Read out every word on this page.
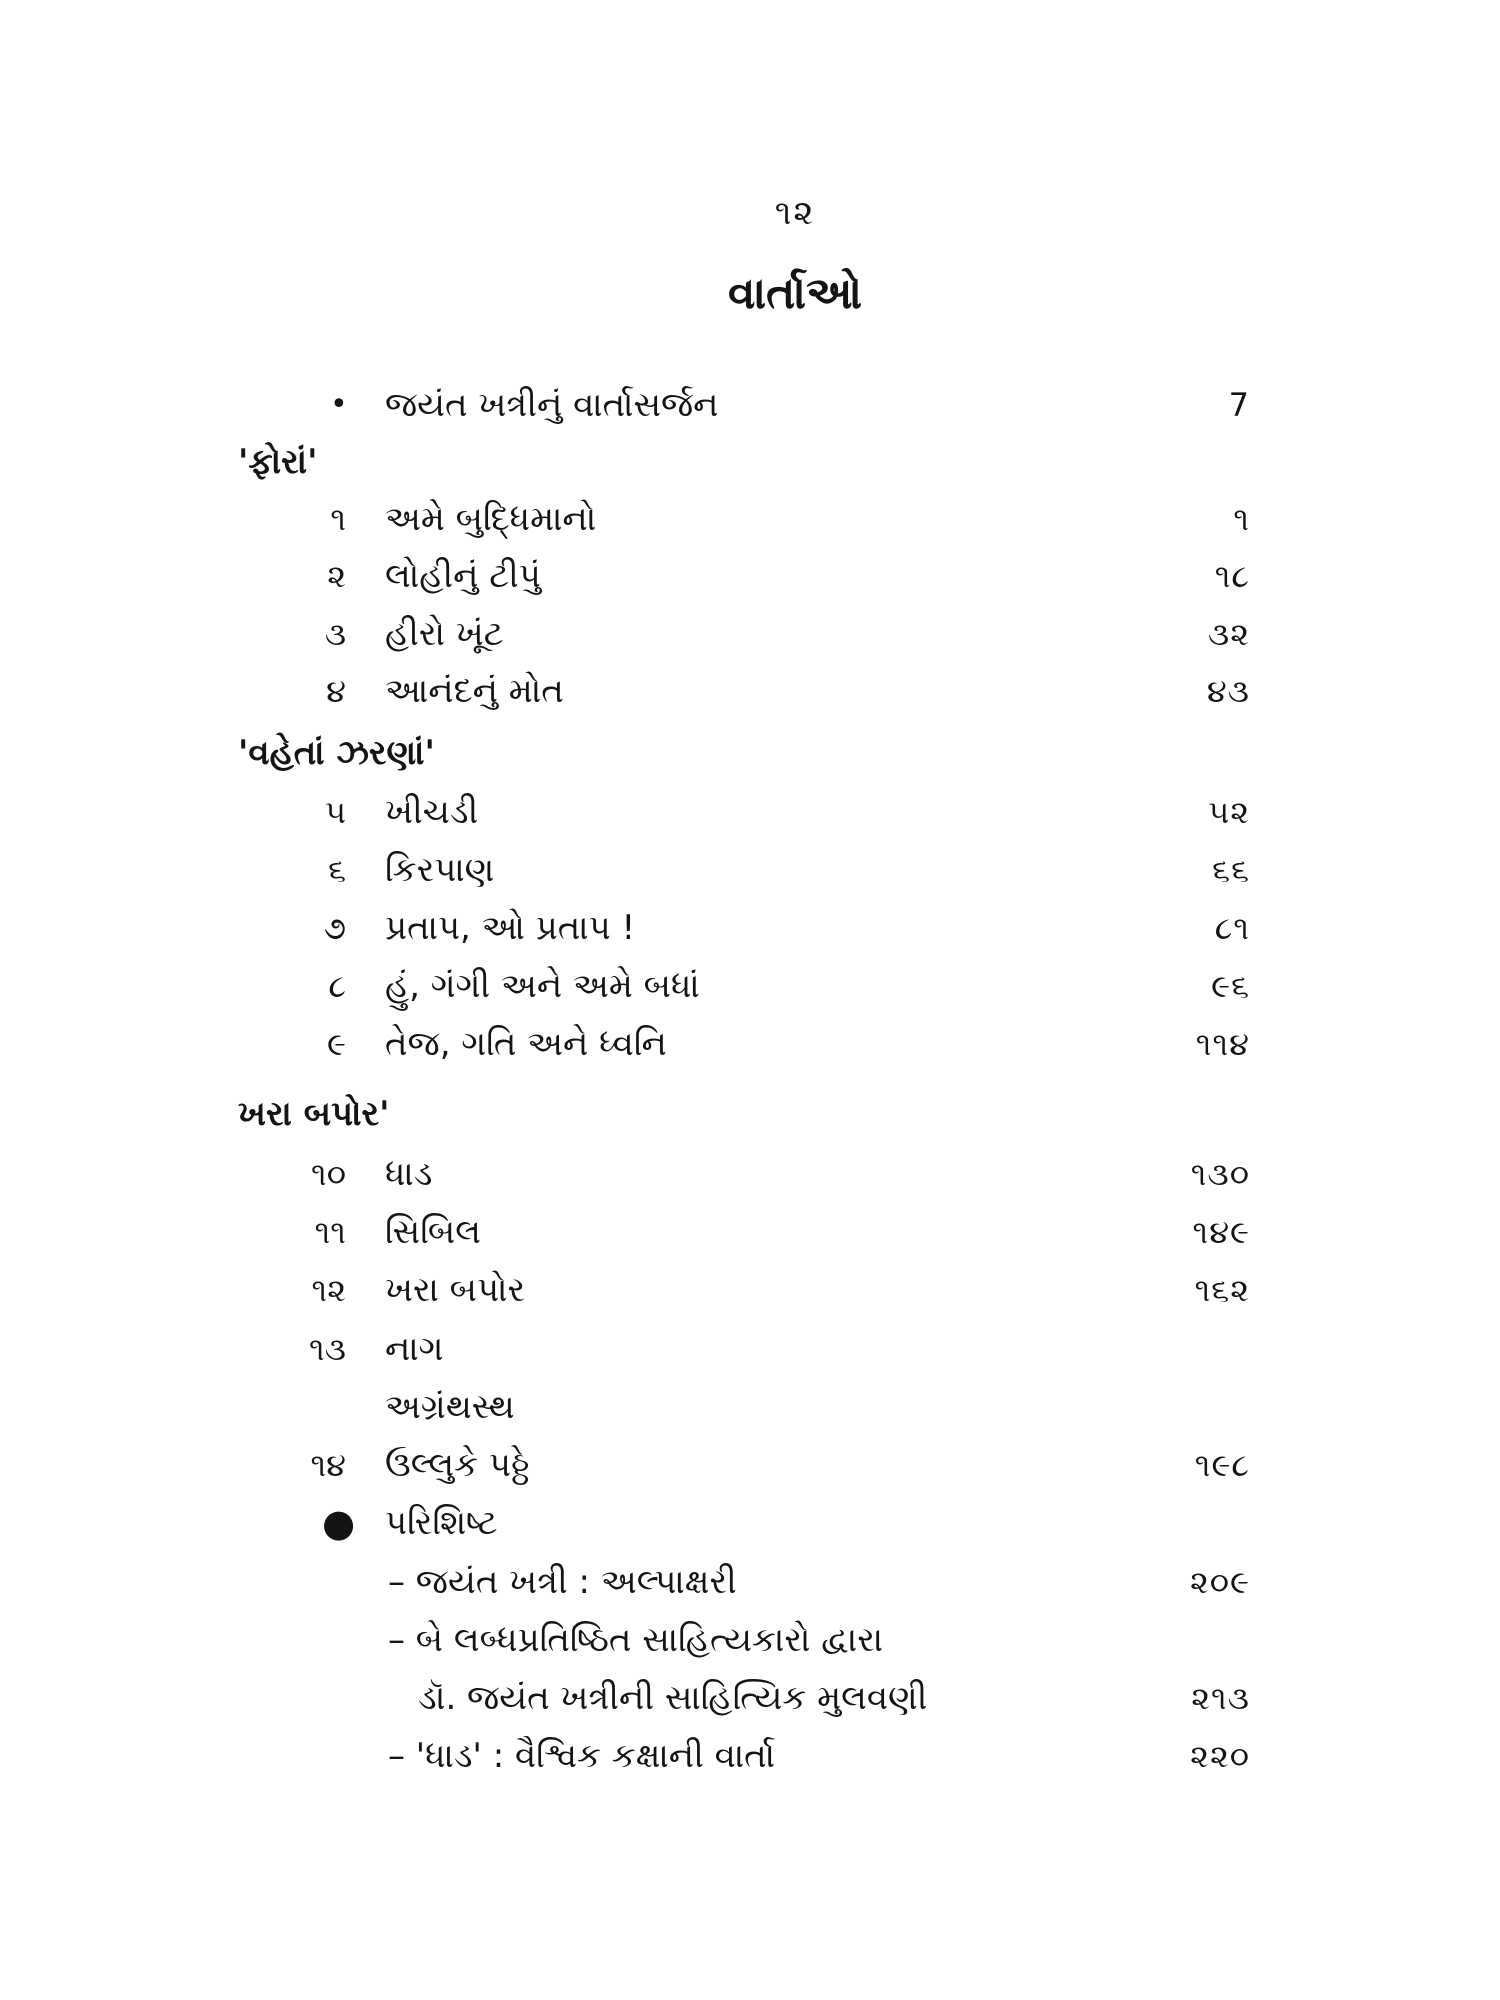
૧૨
વાર્તાઓ
• જયંત ખત્રીનું વાર્તાસર્જન	7
'ફોરાં'
૧ અમે બુદ્ધિમાનો	૧
૨ લોહીનું ટીપું	૧૮
૩ હીરો ખૂંટ	૩૨
૪ આનંદનું મોત	૪૩
'વહેતાં ઝરણાં'
૫ ખીચડી	૫૨
૬ કિરપાણ	૬૬
૭ પ્રતાપ, ઓ પ્રતાપ !	૮૧
૮ હું, ગંગી અને અમે બધાં	૯૬
૯ તેજ, ગતિ અને ધ્વનિ	૧૧૪
ખરા બપોર'
૧૦ ધાડ	૧૩૦
૧૧ સિબિલ	૧૪૯
૧૨ ખરા બપોર	૧૬૨
૧૩ નાગ
અગ્રંથસ્થ
૧૪ ઉલ્લુકે પઠ્ઠે	૧૯૮
● પરિશિષ્ટ
– જયંત ખત્રી : અલ્પાક્ષરી	૨૦૯
– બે લબ્ધપ્રતિષ્ઠિત સાહિત્યકારો દ્વારા
ડૉ. જયંત ખત્રીની સાહિત્યિક મુલવણી	૨૧૩
– 'ધાડ' : વૈશ્વિક કક્ષાની વાર્તા	૨૨૦
